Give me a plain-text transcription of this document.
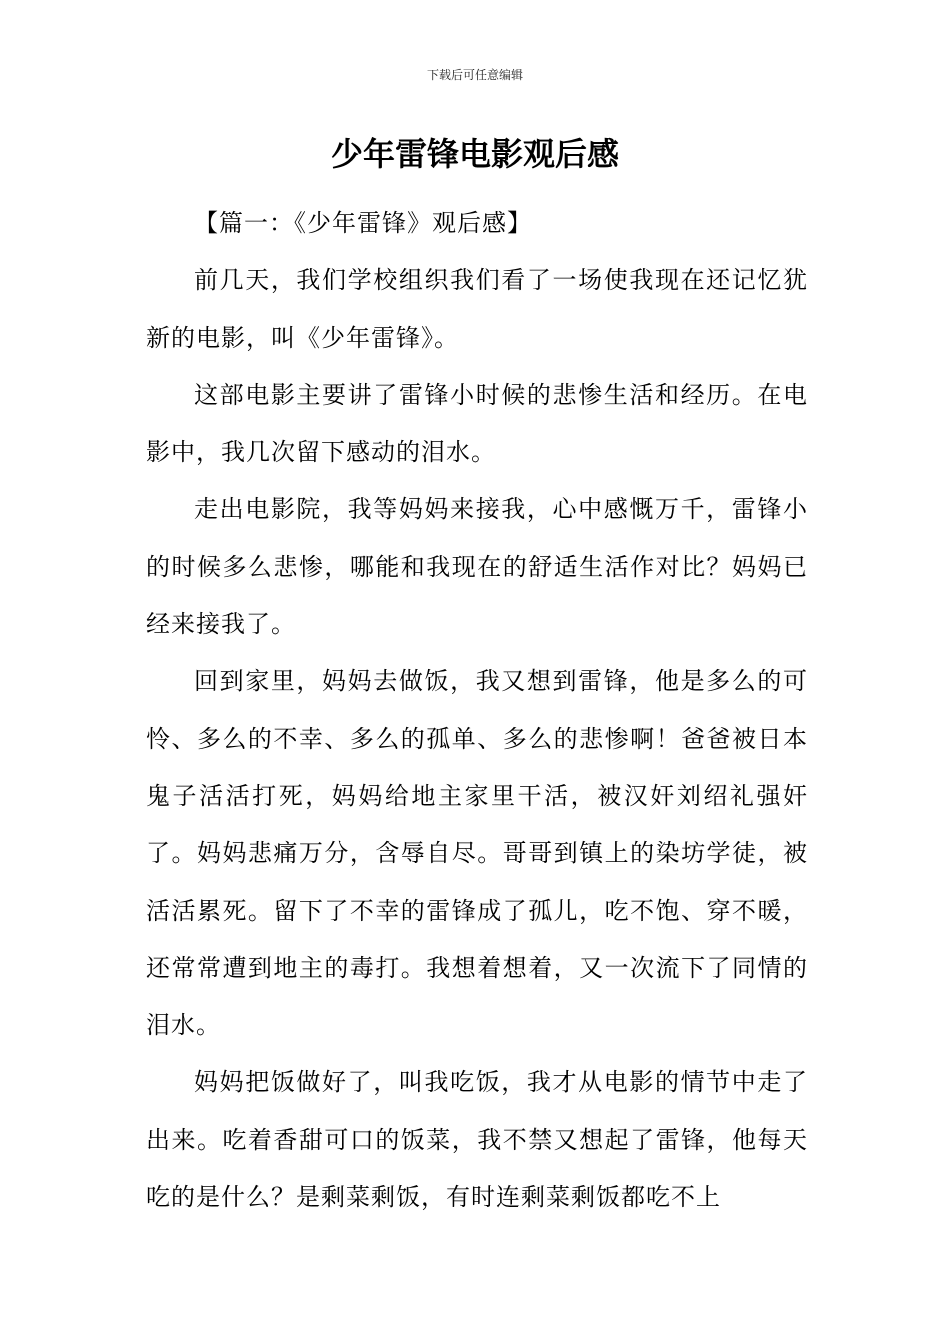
下载后可任意编辑
少年雷锋电影观后感
【篇一：《少年雷锋》观后感】

前几天，我们学校组织我们看了一场使我现在还记忆犹新的电影，叫《少年雷锋》。

这部电影主要讲了雷锋小时候的悲惨生活和经历。在电影中，我几次留下感动的泪水。

走出电影院，我等妈妈来接我，心中感慨万千，雷锋小的时候多么悲惨，哪能和我现在的舒适生活作对比？妈妈已经来接我了。

回到家里，妈妈去做饭，我又想到雷锋，他是多么的可怜、多么的不幸、多么的孤单、多么的悲惨啊！爸爸被日本鬼子活活打死，妈妈给地主家里干活，被汉奸刘绍礼强奸了。妈妈悲痛万分，含辱自尽。哥哥到镇上的染坊学徒，被活活累死。留下了不幸的雷锋成了孤儿，吃不饱、穿不暖，还常常遭到地主的毒打。我想着想着，又一次流下了同情的泪水。

妈妈把饭做好了，叫我吃饭，我才从电影的情节中走了出来。吃着香甜可口的饭菜，我不禁又想起了雷锋，他每天吃的是什么？是剩菜剩饭，有时连剩菜剩饭都吃不上
